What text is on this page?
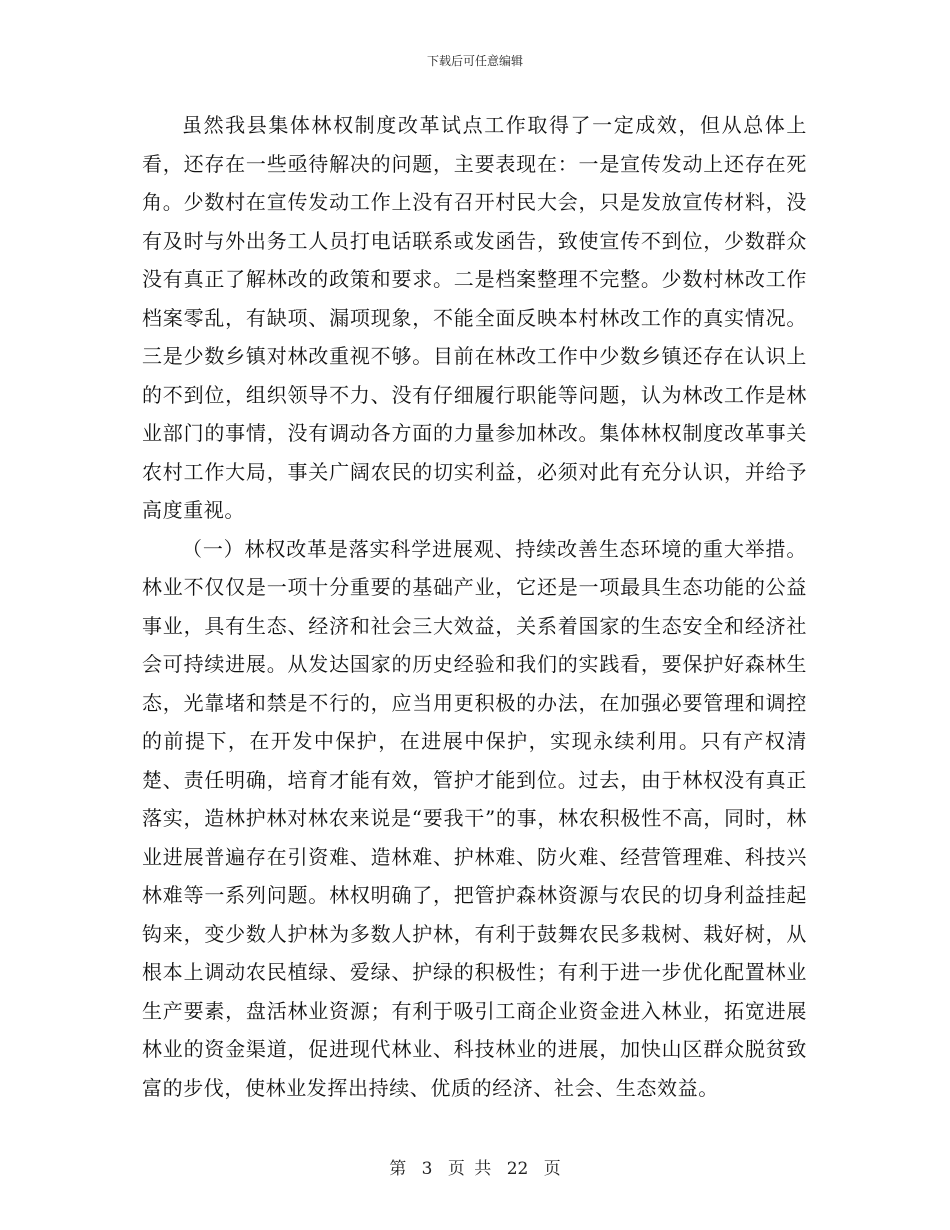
下载后可任意编辑

虽然我县集体林权制度改革试点工作取得了一定成效，但从总体上看，还存在一些亟待解决的问题，主要表现在：一是宣传发动上还存在死角。少数村在宣传发动工作上没有召开村民大会，只是发放宣传材料，没有及时与外出务工人员打电话联系或发函告，致使宣传不到位，少数群众没有真正了解林改的政策和要求。二是档案整理不完整。少数村林改工作档案零乱，有缺项、漏项现象，不能全面反映本村林改工作的真实情况。三是少数乡镇对林改重视不够。目前在林改工作中少数乡镇还存在认识上的不到位，组织领导不力、没有仔细履行职能等问题，认为林改工作是林业部门的事情，没有调动各方面的力量参加林改。集体林权制度改革事关农村工作大局，事关广阔农民的切实利益，必须对此有充分认识，并给予高度重视。

（一）林权改革是落实科学进展观、持续改善生态环境的重大举措。林业不仅仅是一项十分重要的基础产业，它还是一项最具生态功能的公益事业，具有生态、经济和社会三大效益，关系着国家的生态安全和经济社会可持续进展。从发达国家的历史经验和我们的实践看，要保护好森林生态，光靠堵和禁是不行的，应当用更积极的办法，在加强必要管理和调控的前提下，在开发中保护，在进展中保护，实现永续利用。只有产权清楚、责任明确，培育才能有效，管护才能到位。过去，由于林权没有真正落实，造林护林对林农来说是“要我干”的事，林农积极性不高，同时，林业进展普遍存在引资难、造林难、护林难、防火难、经营管理难、科技兴林难等一系列问题。林权明确了，把管护森林资源与农民的切身利益挂起钩来，变少数人护林为多数人护林，有利于鼓舞农民多栽树、栽好树，从根本上调动农民植绿、爱绿、护绿的积极性；有利于进一步优化配置林业生产要素，盘活林业资源；有利于吸引工商企业资金进入林业，拓宽进展林业的资金渠道，促进现代林业、科技林业的进展，加快山区群众脱贫致富的步伐，使林业发挥出持续、优质的经济、社会、生态效益。

第 3 页 共 22 页
